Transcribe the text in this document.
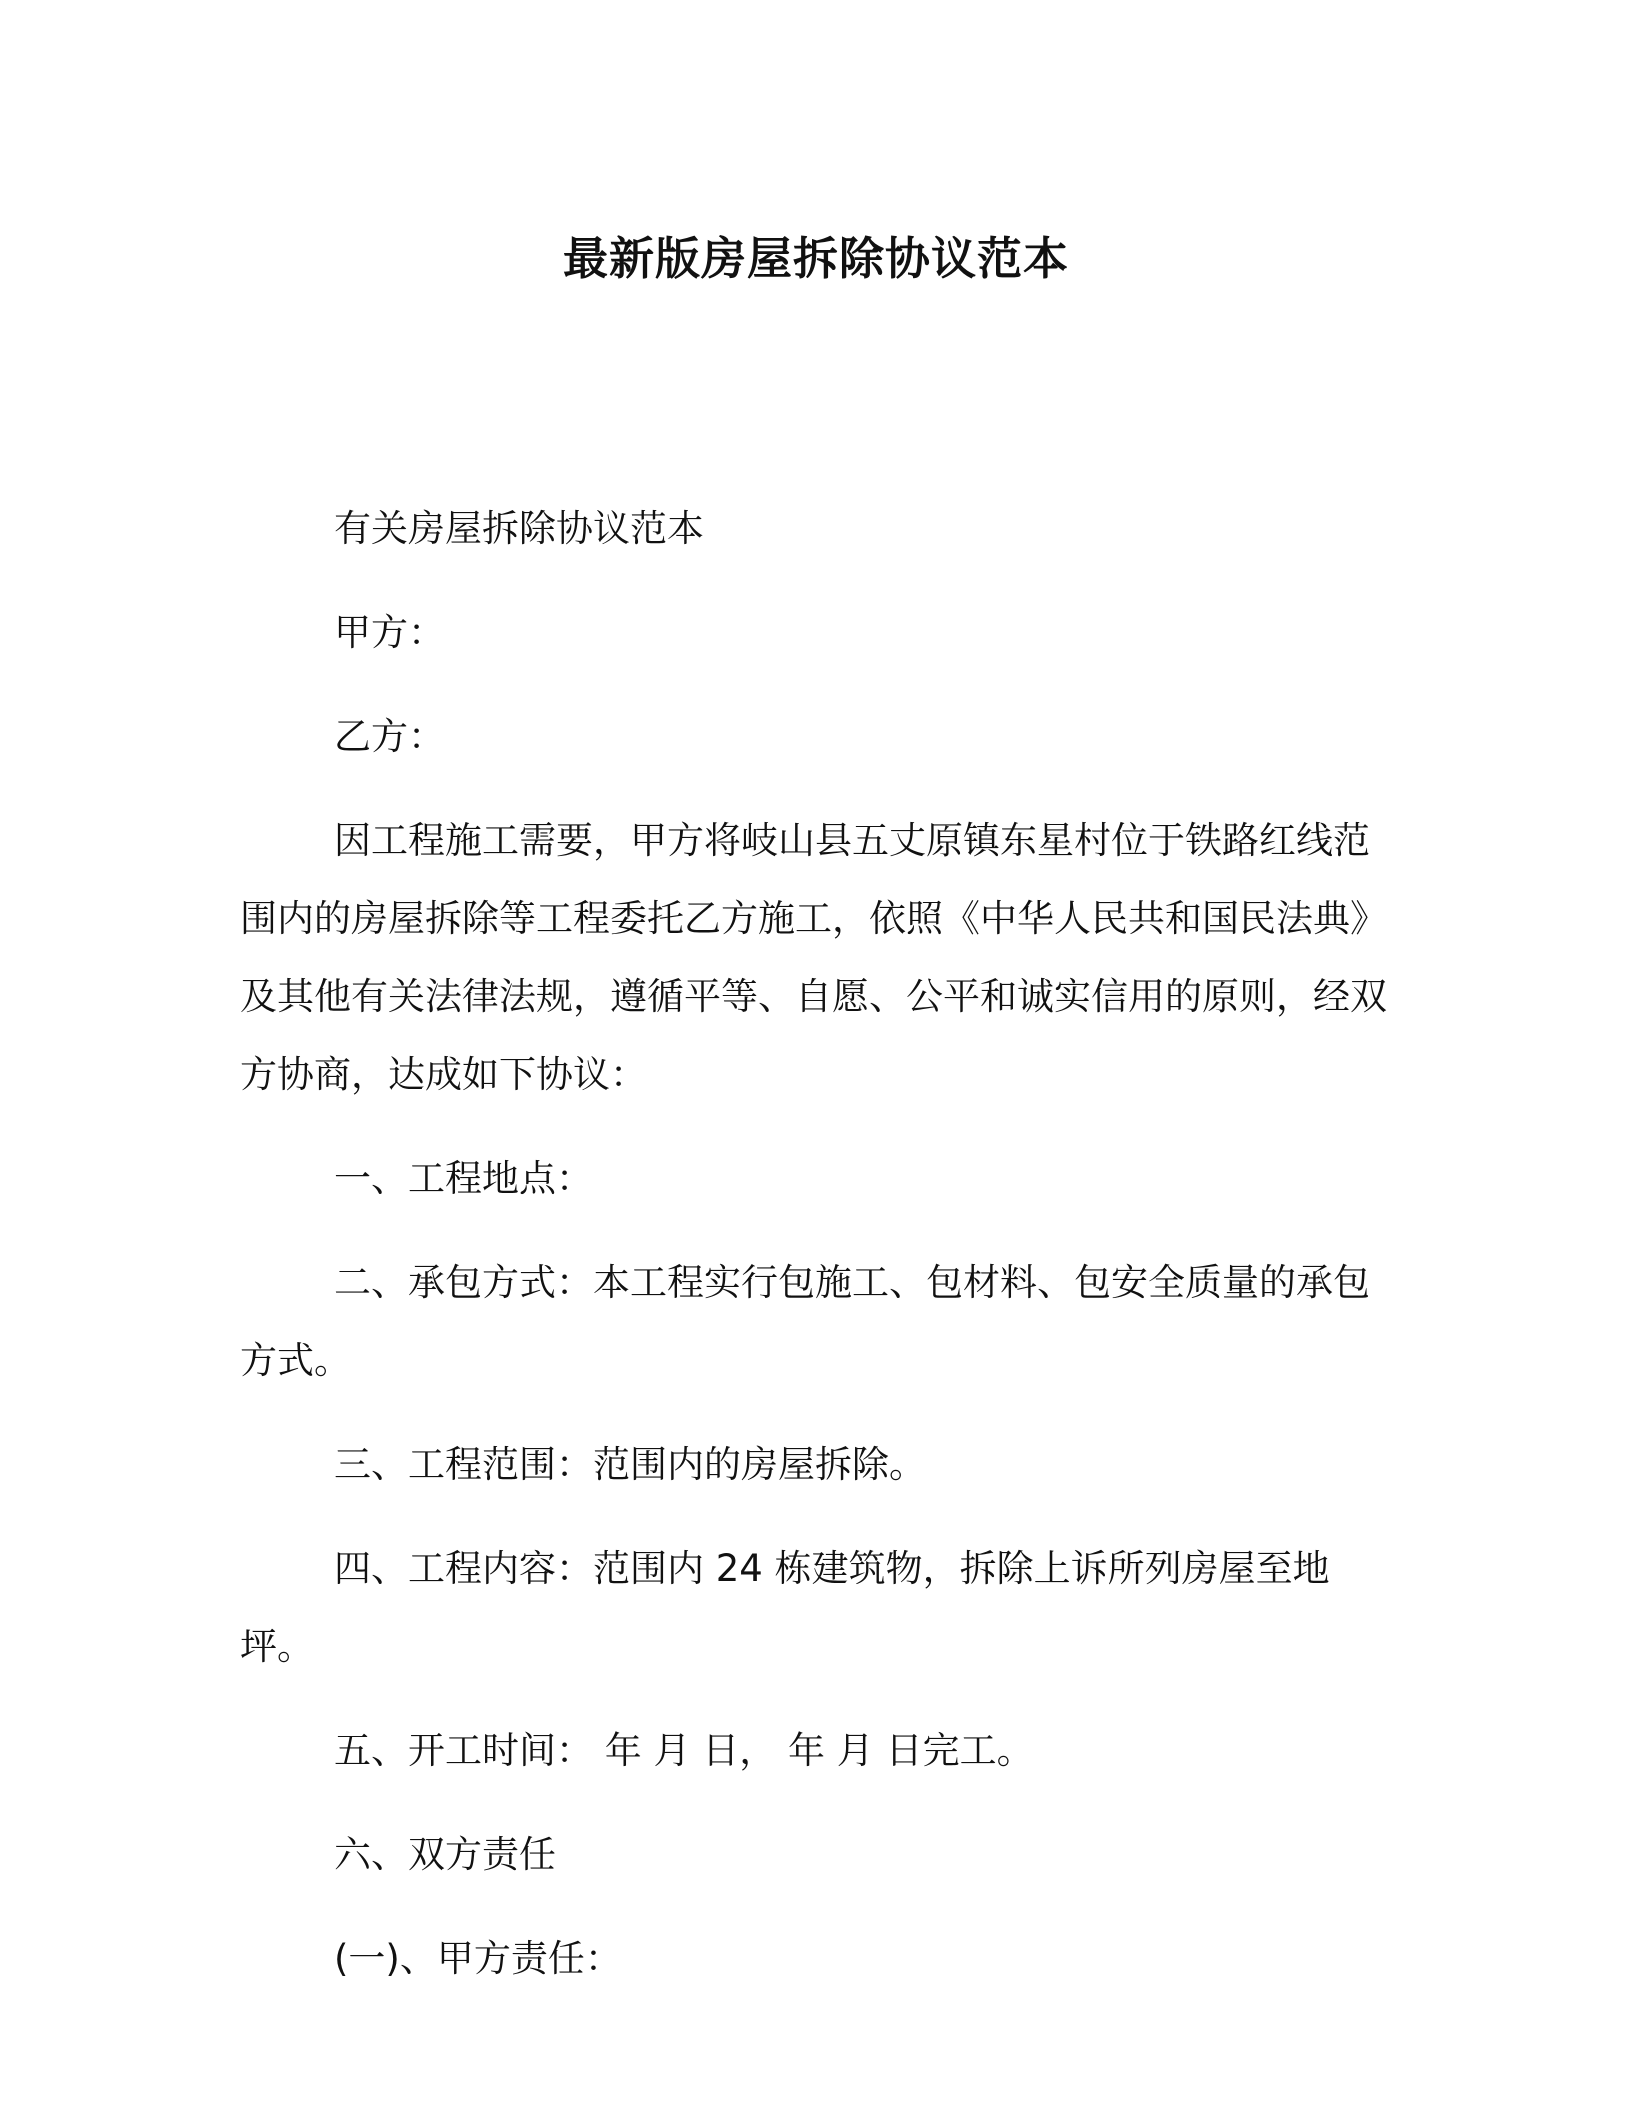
最新版房屋拆除协议范本

有关房屋拆除协议范本

甲方：

乙方：

因工程施工需要，甲方将岐山县五丈原镇东星村位于铁路红线范围内的房屋拆除等工程委托乙方施工，依照《中华人民共和国民法典》及其他有关法律法规，遵循平等、自愿、公平和诚实信用的原则，经双方协商，达成如下协议：

一、工程地点：

二、承包方式：本工程实行包施工、包材料、包安全质量的承包方式。

三、工程范围：范围内的房屋拆除。

四、工程内容：范围内 24 栋建筑物，拆除上诉所列房屋至地坪。

五、开工时间： 年 月 日， 年 月 日完工。

六、双方责任

(一)、甲方责任：
